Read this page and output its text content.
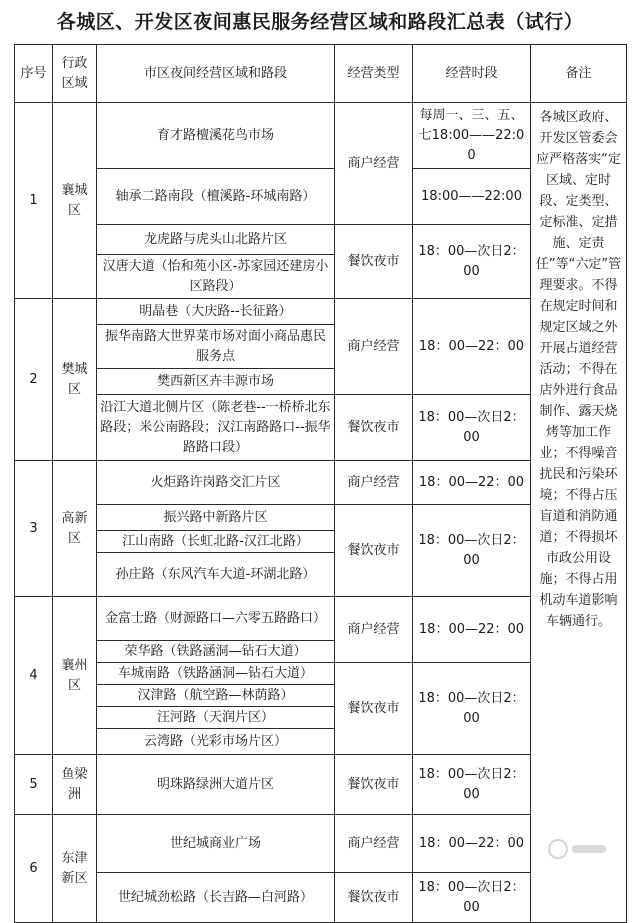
各城区、开发区夜间惠民服务经营区域和路段汇总表（试行）
序号	行政区域	市区夜间经营区域和路段	经营类型	经营时段	备注
1	襄城区	育才路檀溪花鸟市场	商户经营	每周一、三、五、七18:00——22:00	各城区政府、开发区管委会应严格落实“定区域、定时段、定类型、定标准、定措施、定责任”等“六定”管理要求。不得在规定时间和规定区域之外开展占道经营活动；不得在店外进行食品制作、露天烧烤等加工作业；不得噪音扰民和污染环境；不得占压盲道和消防通道；不得损坏市政公用设施；不得占用机动车道影响车辆通行。
		轴承二路南段（檀溪路-环城南路）		18:00——22:00	
		龙虎路与虎头山北路片区	餐饮夜市	18：00—次日2：00	
		汉唐大道（怡和苑小区-苏家园还建房小区路段）			
2	樊城区	明晶巷（大庆路--长征路）	商户经营	18：00—22：00	
		振华南路大世界菜市场对面小商品惠民服务点			
		樊西新区卉丰源市场			
		沿江大道北侧片区（陈老巷--一桥桥北东路段；米公南路段；汉江南路路口--振华路路口段）	餐饮夜市	18：00—次日2：00	
3	高新区	火炬路许岗路交汇片区	商户经营	18：00—22：00	
		振兴路中新路片区	餐饮夜市	18：00—次日2：00	
		江山南路（长虹北路-汉江北路）			
		孙庄路（东风汽车大道-环湖北路）			
4	襄州区	金富士路（财源路口—六零五路路口）	商户经营	18：00—22：00	
		荣华路（铁路涵洞—钻石大道）			
		车城南路（铁路涵洞—钻石大道）	餐饮夜市	18：00—次日2：00	
		汉津路（航空路—林荫路）			
		汪河路（天润片区）			
		云湾路（光彩市场片区）			
5	鱼梁洲	明珠路绿洲大道片区	餐饮夜市	18：00—次日2：00	
6	东津新区	世纪城商业广场	商户经营	18：00—22：00	
		世纪城劲松路（长吉路—白河路）	餐饮夜市	18：00—次日2：00	
